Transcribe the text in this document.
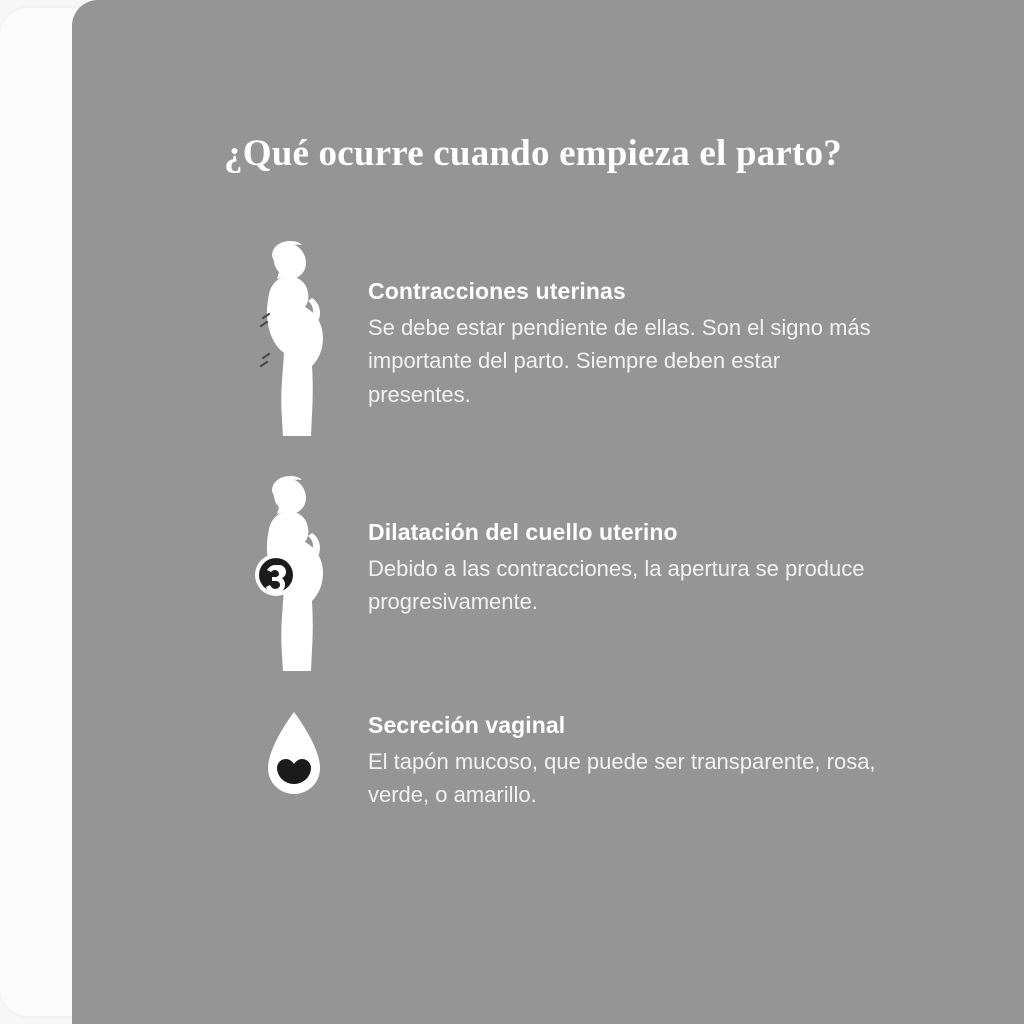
¿Qué ocurre cuando empieza el parto?

Contracciones uterinas

Se debe estar pendiente de ellas. Son el signo más importante del parto. Siempre deben estar presentes.

Dilatación del cuello uterino

Debido a las contracciones, la apertura se produce progresivamente.

Secreción vaginal

El tapón mucoso, que puede ser transparente, rosa, verde, o amarillo.
